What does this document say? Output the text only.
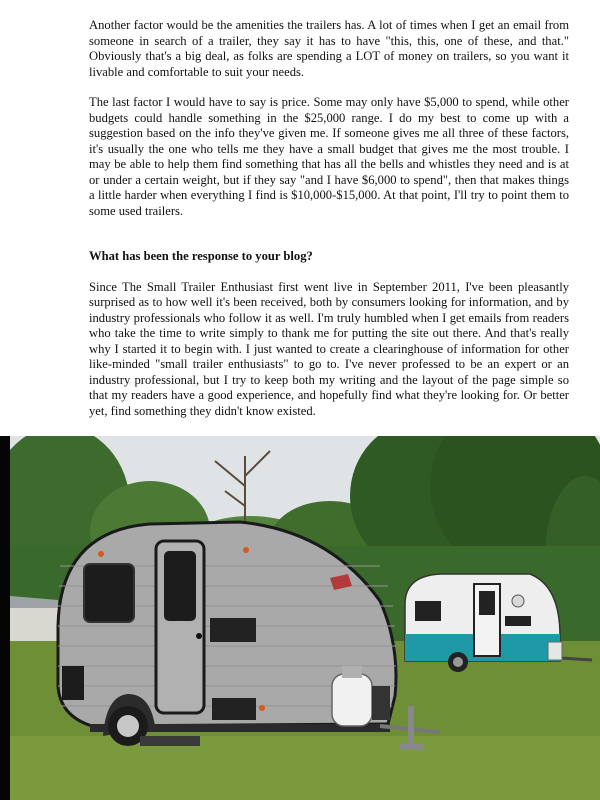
Another factor would be the amenities the trailers has. A lot of times when I get an email from someone in search of a trailer, they say it has to have "this, this, one of these, and that." Obviously that's a big deal, as folks are spending a LOT of money on trailers, so you want it livable and comfortable to suit your needs.

The last factor I would have to say is price. Some may only have $5,000 to spend, while other budgets could handle something in the $25,000 range. I do my best to come up with a suggestion based on the info they've given me. If someone gives me all three of these factors, it's usually the one who tells me they have a small budget that gives me the most trouble. I may be able to help them find something that has all the bells and whistles they need and is at or under a certain weight, but if they say "and I have $6,000 to spend", then that makes things a little harder when everything I find is $10,000-$15,000. At that point, I'll try to point them to some used trailers.

What has been the response to your blog?

Since The Small Trailer Enthusiast first went live in September 2011, I've been pleasantly surprised as to how well it's been received, both by consumers looking for information, and by industry professionals who follow it as well. I'm truly humbled when I get emails from readers who take the time to write simply to thank me for putting the site out there. And that's really why I started it to begin with. I just wanted to create a clearinghouse of information for other like-minded "small trailer enthusiasts" to go to. I've never professed to be an expert or an industry professional, but I try to keep both my writing and the layout of the page simple so that my readers have a good experience, and hopefully find what they're looking for. Or better yet, find something they didn't know existed.
